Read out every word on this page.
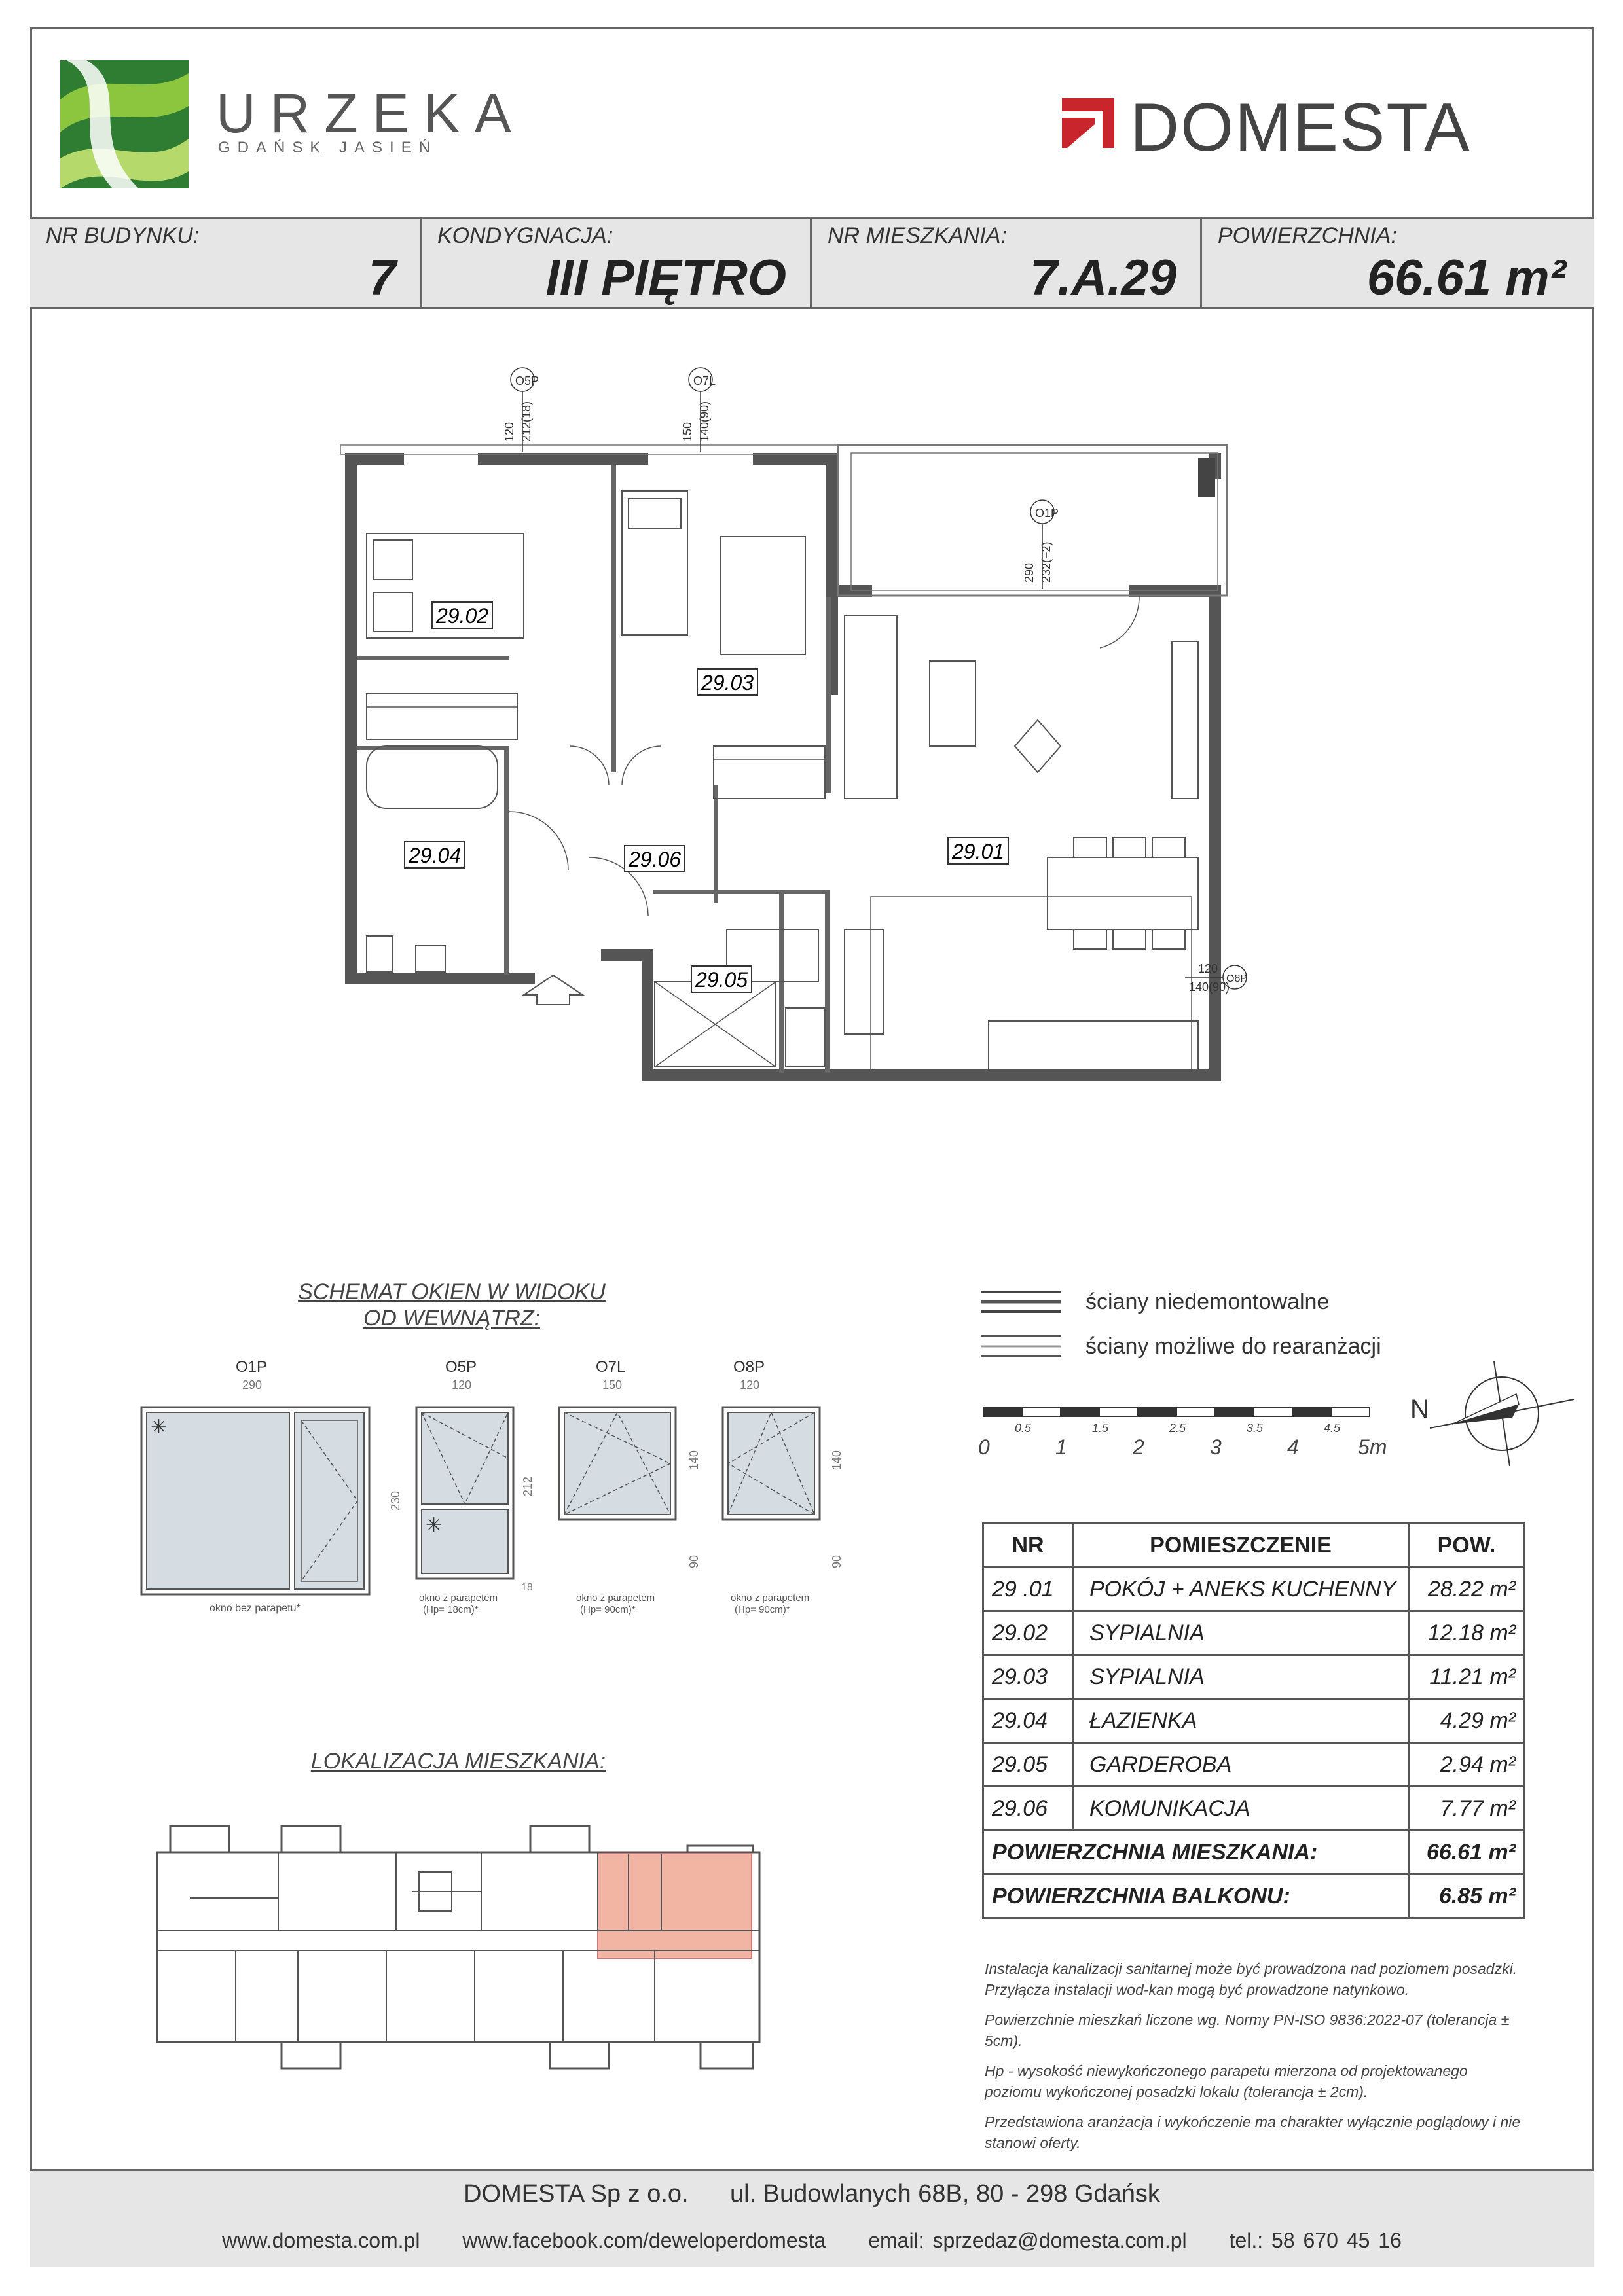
URZEKA
GDAŃSK JASIEŃ	DOMESTA
NR BUDYNKU:
7
KONDYGNACJA:
III PIĘTRO
NR MIESZKANIA:
7.A.29
POWIERZCHNIA:
66.61 m²
29.02
29.03
29.04	29.06	29.01
29.05
O5P
120 212(18)
O7L
150 140(90)
O1P
290 232(−2)
O8P
120
140(90)
SCHEMAT OKIEN W WIDOKU
OD WEWNĄTRZ:
O1P
290
✳
230
okno bez parapetu*
O5P
120
✳
212
18
okno z parapetem
(Hp= 18cm)*
O7L
150
140
90
okno z parapetem
(Hp= 90cm)*
O8P
120
140
90
okno z parapetem
(Hp= 90cm)*
ściany niedemontowalne
ściany możliwe do rearanżacji
0.5	1.5	2.5	3.5	4.5
0	1	2	3	4	5m
N
LOKALIZACJA MIESZKANIA:
NR	POMIESZCZENIE	POW.
29 .01	POKÓJ + ANEKS KUCHENNY	28.22 m²
29.02	SYPIALNIA	12.18 m²
29.03	SYPIALNIA	11.21 m²
29.04	ŁAZIENKA	4.29 m²
29.05	GARDEROBA	2.94 m²
29.06	KOMUNIKACJA	7.77 m²
POWIERZCHNIA MIESZKANIA:		66.61 m²
POWIERZCHNIA BALKONU:		6.85 m²

Instalacja kanalizacji sanitarnej może być prowadzona nad poziomem posadzki. Przyłącza instalacji wod-kan mogą być prowadzone natynkowo.

Powierzchnie mieszkań liczone wg. Normy PN-ISO 9836:2022-07 (tolerancja ± 5cm).

Hp - wysokość niewykończonego parapetu mierzona od projektowanego poziomu wykończonej posadzki lokalu (tolerancja ± 2cm).

Przedstawiona aranżacja i wykończenie ma charakter wyłącznie poglądowy i nie stanowi oferty.

DOMESTA Sp z o.o. ul. Budowlanych 68B, 80 - 298 Gdańsk
www.domesta.com.pl www.facebook.com/deweloperdomesta email: sprzedaz@domesta.com.pl tel.: 58 670 45 16
